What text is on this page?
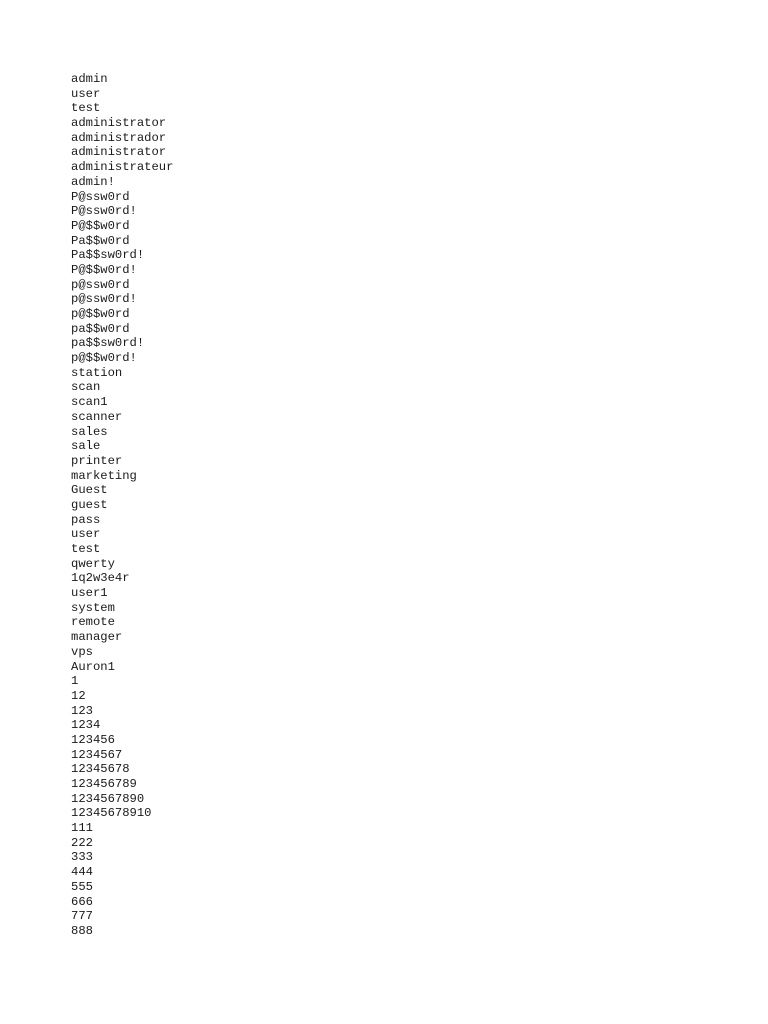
admin
user
test
administrator
administrador
administrator
administrateur
admin!
P@ssw0rd
P@ssw0rd!
P@$$w0rd
Pa$$w0rd
Pa$$sw0rd!
P@$$w0rd!
p@ssw0rd
p@ssw0rd!
p@$$w0rd
pa$$w0rd
pa$$sw0rd!
p@$$w0rd!
station
scan
scan1
scanner
sales
sale
printer
marketing
Guest
guest
pass
user
test
qwerty
1q2w3e4r
user1
system
remote
manager
vps
Auron1
1
12
123
1234
123456
1234567
12345678
123456789
1234567890
12345678910
111
222
333
444
555
666
777
888
